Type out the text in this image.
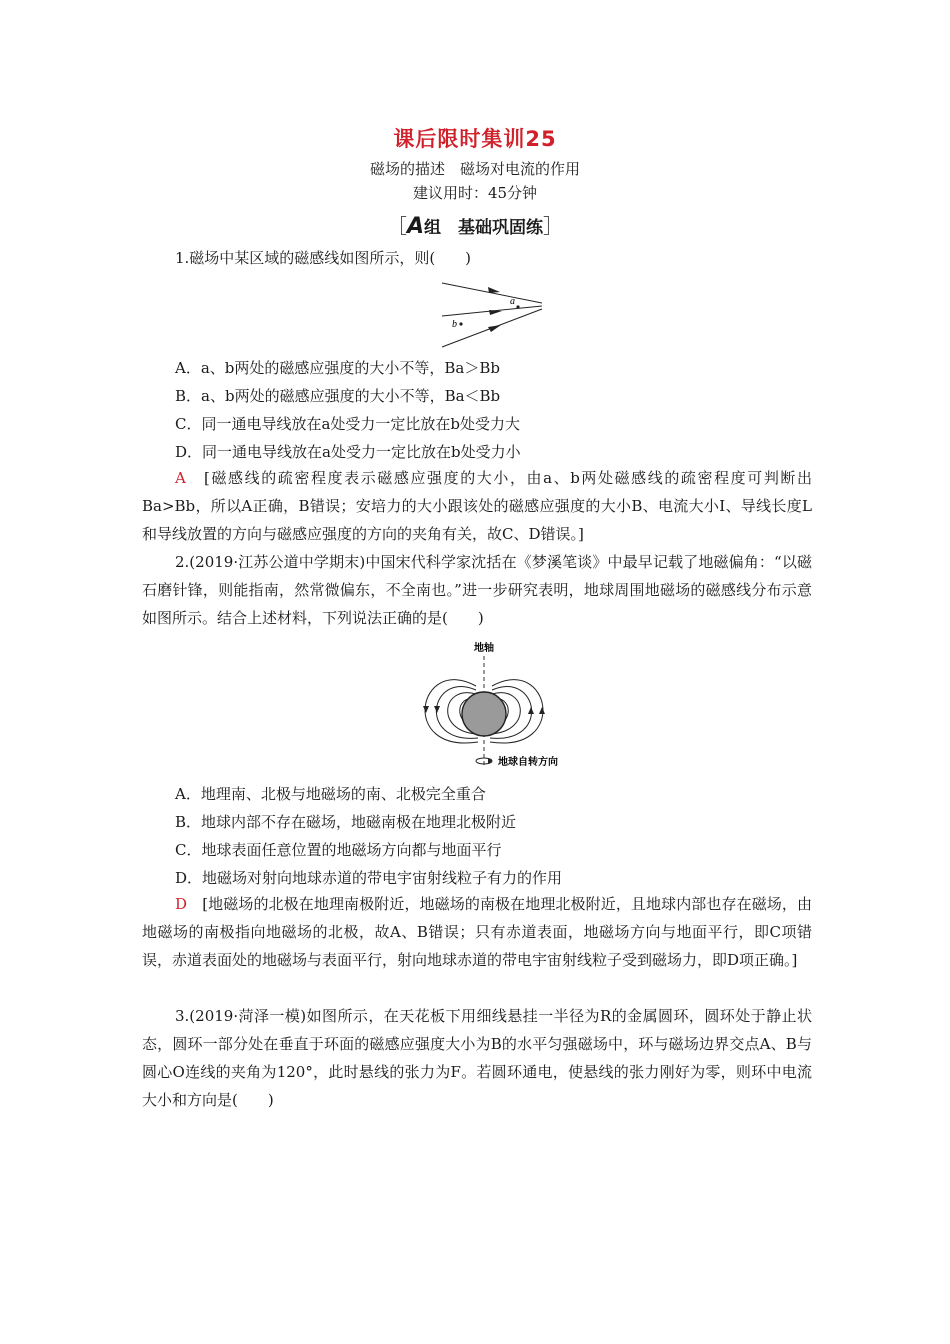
课后限时集训25
磁场的描述　磁场对电流的作用
建议用时：45分钟
［A组　基础巩固练］
1.磁场中某区域的磁感线如图所示，则(　　)
a
b
A．a、b两处的磁感应强度的大小不等，Ba＞Bb
B．a、b两处的磁感应强度的大小不等，Ba＜Bb
C．同一通电导线放在a处受力一定比放在b处受力大
D．同一通电导线放在a处受力一定比放在b处受力小
A　 [磁感线的疏密程度表示磁感应强度的大小，由a、b两处磁感线的疏密程度可判断出Ba>Bb，所以A正确，B错误；安培力的大小跟该处的磁感应强度的大小B、电流大小I、导线长度L和导线放置的方向与磁感应强度的方向的夹角有关，故C、D错误。]
2.(2019·江苏公道中学期末)中国宋代科学家沈括在《梦溪笔谈》中最早记载了地磁偏角：“以磁石磨针锋，则能指南，然常微偏东，不全南也。”进一步研究表明，地球周围地磁场的磁感线分布示意如图所示。结合上述材料，下列说法正确的是(　　)
地轴
地球自转方向
A．地理南、北极与地磁场的南、北极完全重合
B．地球内部不存在磁场，地磁南极在地理北极附近
C．地球表面任意位置的地磁场方向都与地面平行
D．地磁场对射向地球赤道的带电宇宙射线粒子有力的作用
D　 [地磁场的北极在地理南极附近，地磁场的南极在地理北极附近，且地球内部也存在磁场，由地磁场的南极指向地磁场的北极，故A、B错误；只有赤道表面，地磁场方向与地面平行，即C项错误，赤道表面处的地磁场与表面平行，射向地球赤道的带电宇宙射线粒子受到磁场力，即D项正确。]
3.(2019·菏泽一模)如图所示，在天花板下用细线悬挂一半径为R的金属圆环，圆环处于静止状态，圆环一部分处在垂直于环面的磁感应强度大小为B的水平匀强磁场中，环与磁场边界交点A、B与圆心O连线的夹角为120°，此时悬线的张力为F。若圆环通电，使悬线的张力刚好为零，则环中电流大小和方向是(　　)
